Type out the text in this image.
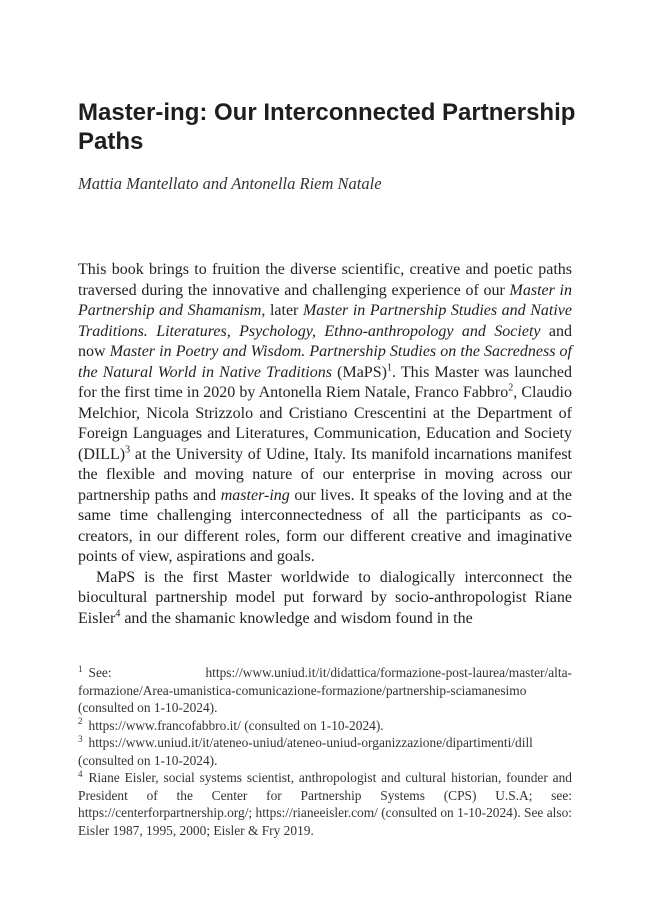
Master-ing: Our Interconnected Partnership Paths

Mattia Mantellato and Antonella Riem Natale

This book brings to fruition the diverse scientific, creative and poetic paths traversed during the innovative and challenging experience of our Master in Partnership and Shamanism, later Master in Partnership Studies and Native Traditions. Literatures, Psychology, Ethno-anthropology and Society and now Master in Poetry and Wisdom. Partnership Studies on the Sacredness of the Natural World in Native Traditions (MaPS)$^1$. This Master was launched for the first time in 2020 by Antonella Riem Natale, Franco Fabbro$^2$, Claudio Melchior, Nicola Strizzolo and Cristiano Crescentini at the Department of Foreign Languages and Literatures, Communication, Education and Society (DILL)$^3$ at the University of Udine, Italy. Its manifold incarnations manifest the flexible and moving nature of our enterprise in moving across our partnership paths and master-ing our lives. It speaks of the loving and at the same time challenging interconnectedness of all the participants as co-creators, in our different roles, form our different creative and imaginative points of view, aspirations and goals.

MaPS is the first Master worldwide to dialogically interconnect the biocultural partnership model put forward by socio-anthropologist Riane Eisler$^4$ and the shamanic knowledge and wisdom found in the

$^1$ See: https://www.uniud.it/it/didattica/formazione-post-laurea/master/alta-formazione/Area-umanistica-comunicazione-formazione/partnership-sciamanesimo (consulted on 1-10-2024).

$^2$ https://www.francofabbro.it/ (consulted on 1-10-2024).

$^3$ https://www.uniud.it/it/ateneo-uniud/ateneo-uniud-organizzazione/dipartimenti/dill (consulted on 1-10-2024).

$^4$ Riane Eisler, social systems scientist, anthropologist and cultural historian, founder and President of the Center for Partnership Systems (CPS) U.S.A; see: https://centerforpartnership.org/; https://rianeeisler.com/ (consulted on 1-10-2024). See also: Eisler 1987, 1995, 2000; Eisler & Fry 2019.
